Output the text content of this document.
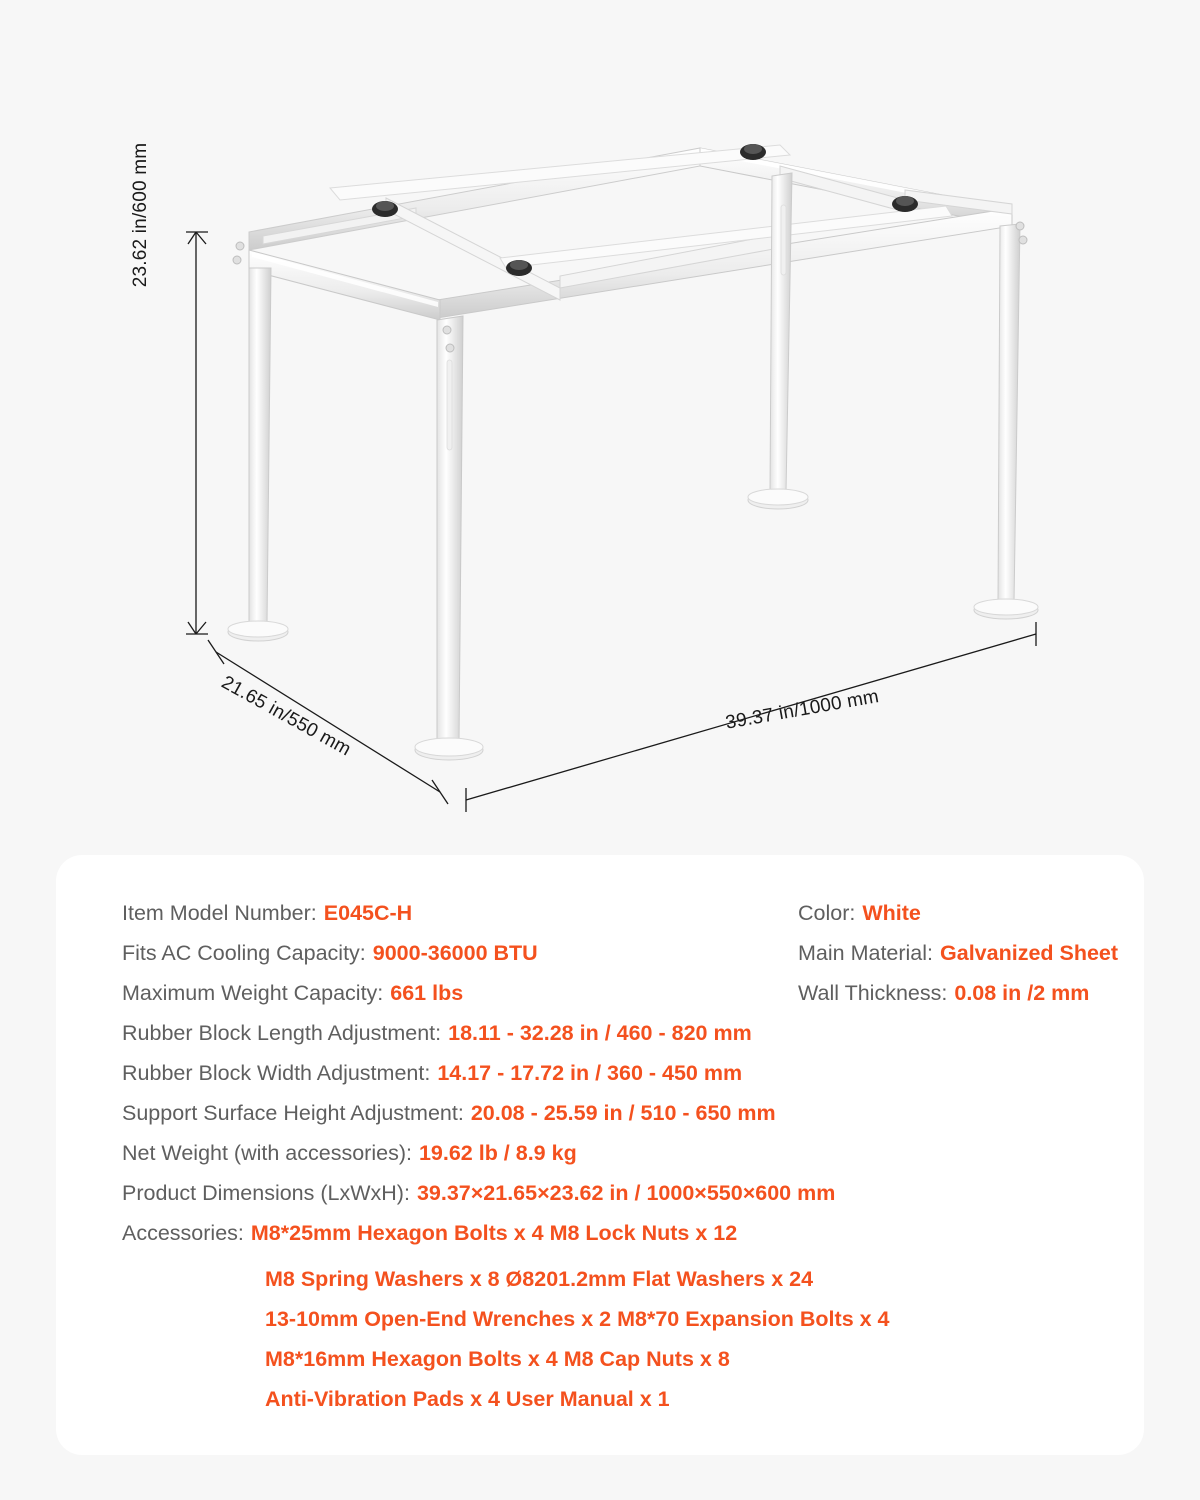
23.62 in/600 mm
21.65 in/550 mm	39.37 in/1000 mm
Item Model Number: E045C-H	Color: White
Fits AC Cooling Capacity: 9000-36000 BTU	Main Material: Galvanized Sheet
Maximum Weight Capacity: 661 lbs	Wall Thickness: 0.08 in /2 mm
Rubber Block Length Adjustment: 18.11 - 32.28 in / 460 - 820 mm
Rubber Block Width Adjustment: 14.17 - 17.72 in / 360 - 450 mm
Support Surface Height Adjustment: 20.08 - 25.59 in / 510 - 650 mm
Net Weight (with accessories): 19.62 lb / 8.9 kg
Product Dimensions (LxWxH): 39.37×21.65×23.62 in / 1000×550×600 mm
Accessories: M8*25mm Hexagon Bolts x 4 M8 Lock Nuts x 12
M8 Spring Washers x 8 Ø8201.2mm Flat Washers x 24
13-10mm Open-End Wrenches x 2 M8*70 Expansion Bolts x 4
M8*16mm Hexagon Bolts x 4 M8 Cap Nuts x 8
Anti-Vibration Pads x 4 User Manual x 1
